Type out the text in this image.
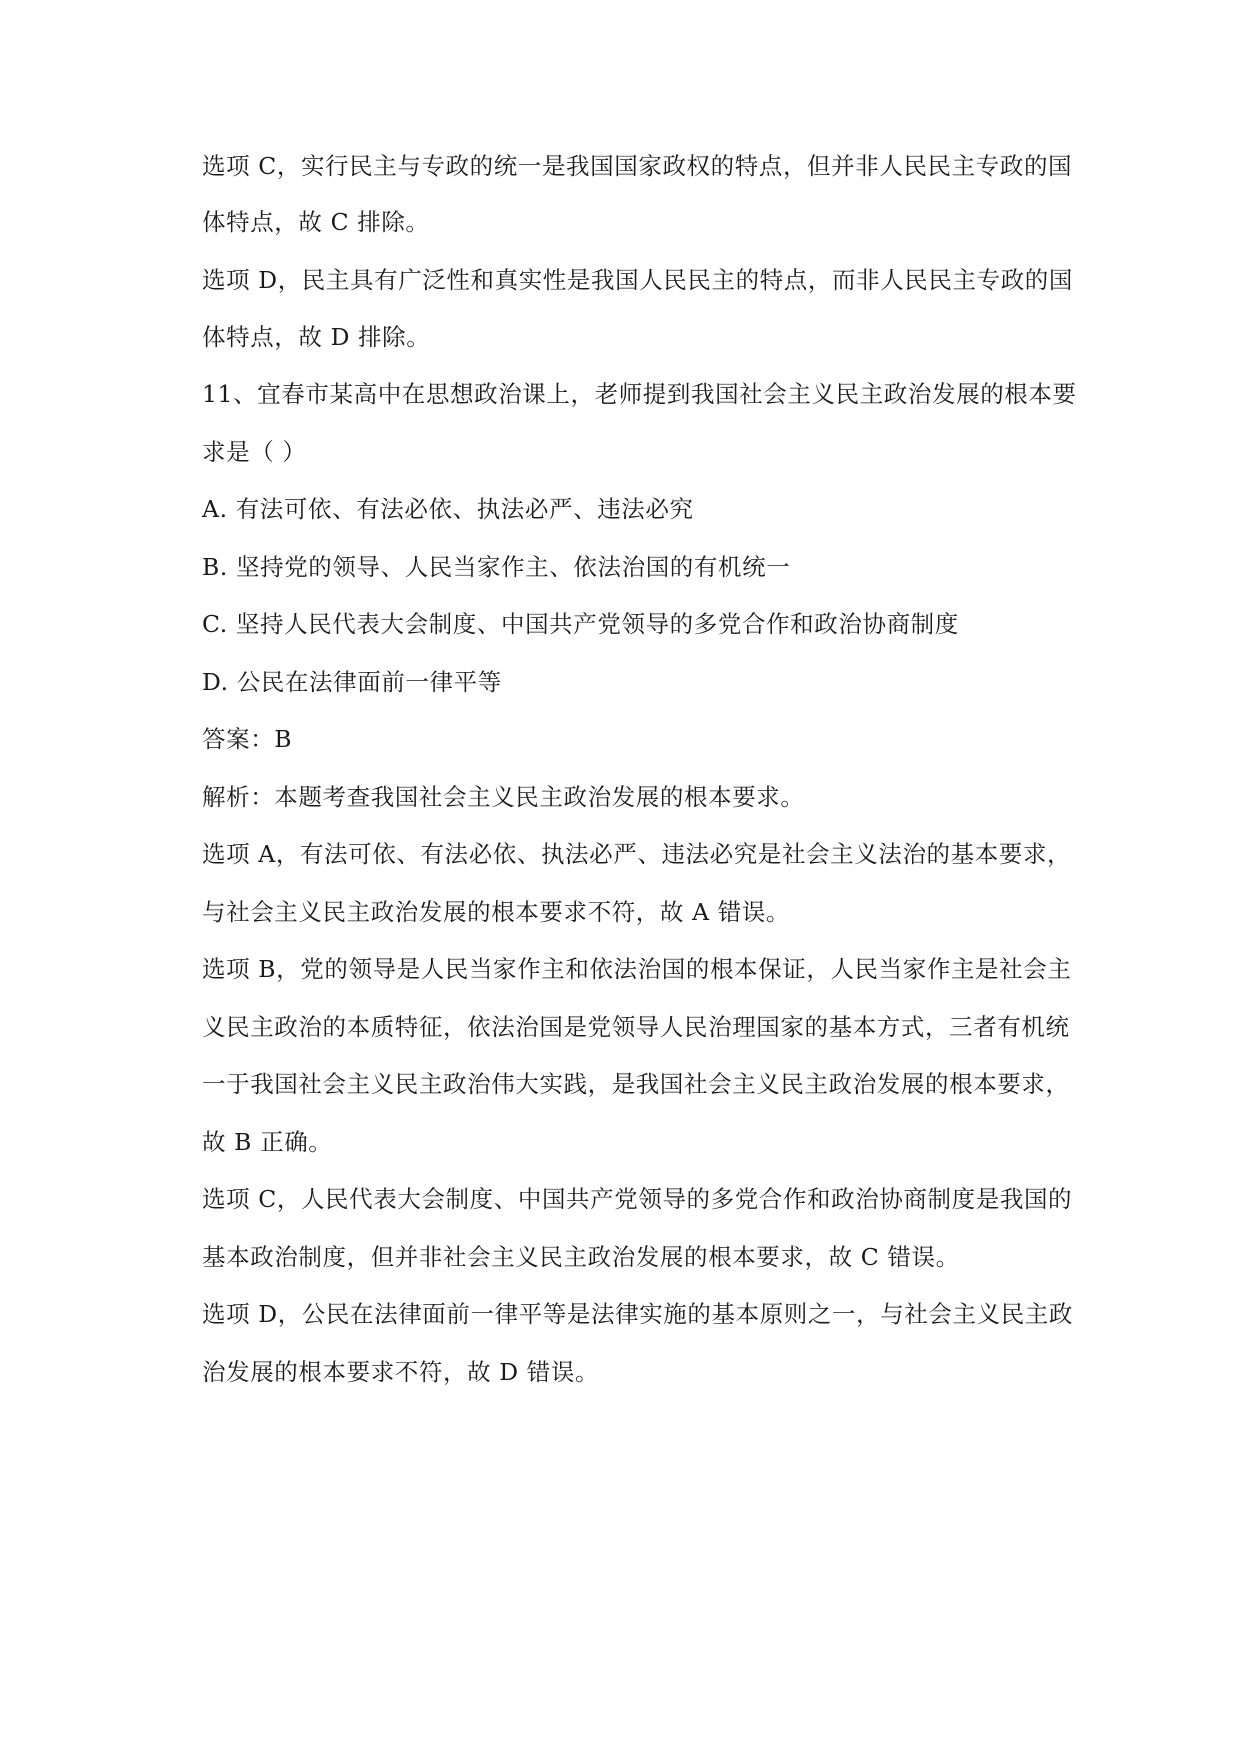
选项 C，实行民主与专政的统一是我国国家政权的特点，但并非人民民主专政的国
体特点，故 C 排除。
选项 D，民主具有广泛性和真实性是我国人民民主的特点，而非人民民主专政的国
体特点，故 D 排除。
11、宜春市某高中在思想政治课上，老师提到我国社会主义民主政治发展的根本要
求是（ ）
A. 有法可依、有法必依、执法必严、违法必究
B. 坚持党的领导、人民当家作主、依法治国的有机统一
C. 坚持人民代表大会制度、中国共产党领导的多党合作和政治协商制度
D. 公民在法律面前一律平等
答案：B
解析：本题考查我国社会主义民主政治发展的根本要求。
选项 A，有法可依、有法必依、执法必严、违法必究是社会主义法治的基本要求，
与社会主义民主政治发展的根本要求不符，故 A 错误。
选项 B，党的领导是人民当家作主和依法治国的根本保证，人民当家作主是社会主
义民主政治的本质特征，依法治国是党领导人民治理国家的基本方式，三者有机统
一于我国社会主义民主政治伟大实践，是我国社会主义民主政治发展的根本要求，
故 B 正确。
选项 C，人民代表大会制度、中国共产党领导的多党合作和政治协商制度是我国的
基本政治制度，但并非社会主义民主政治发展的根本要求，故 C 错误。
选项 D，公民在法律面前一律平等是法律实施的基本原则之一，与社会主义民主政
治发展的根本要求不符，故 D 错误。
